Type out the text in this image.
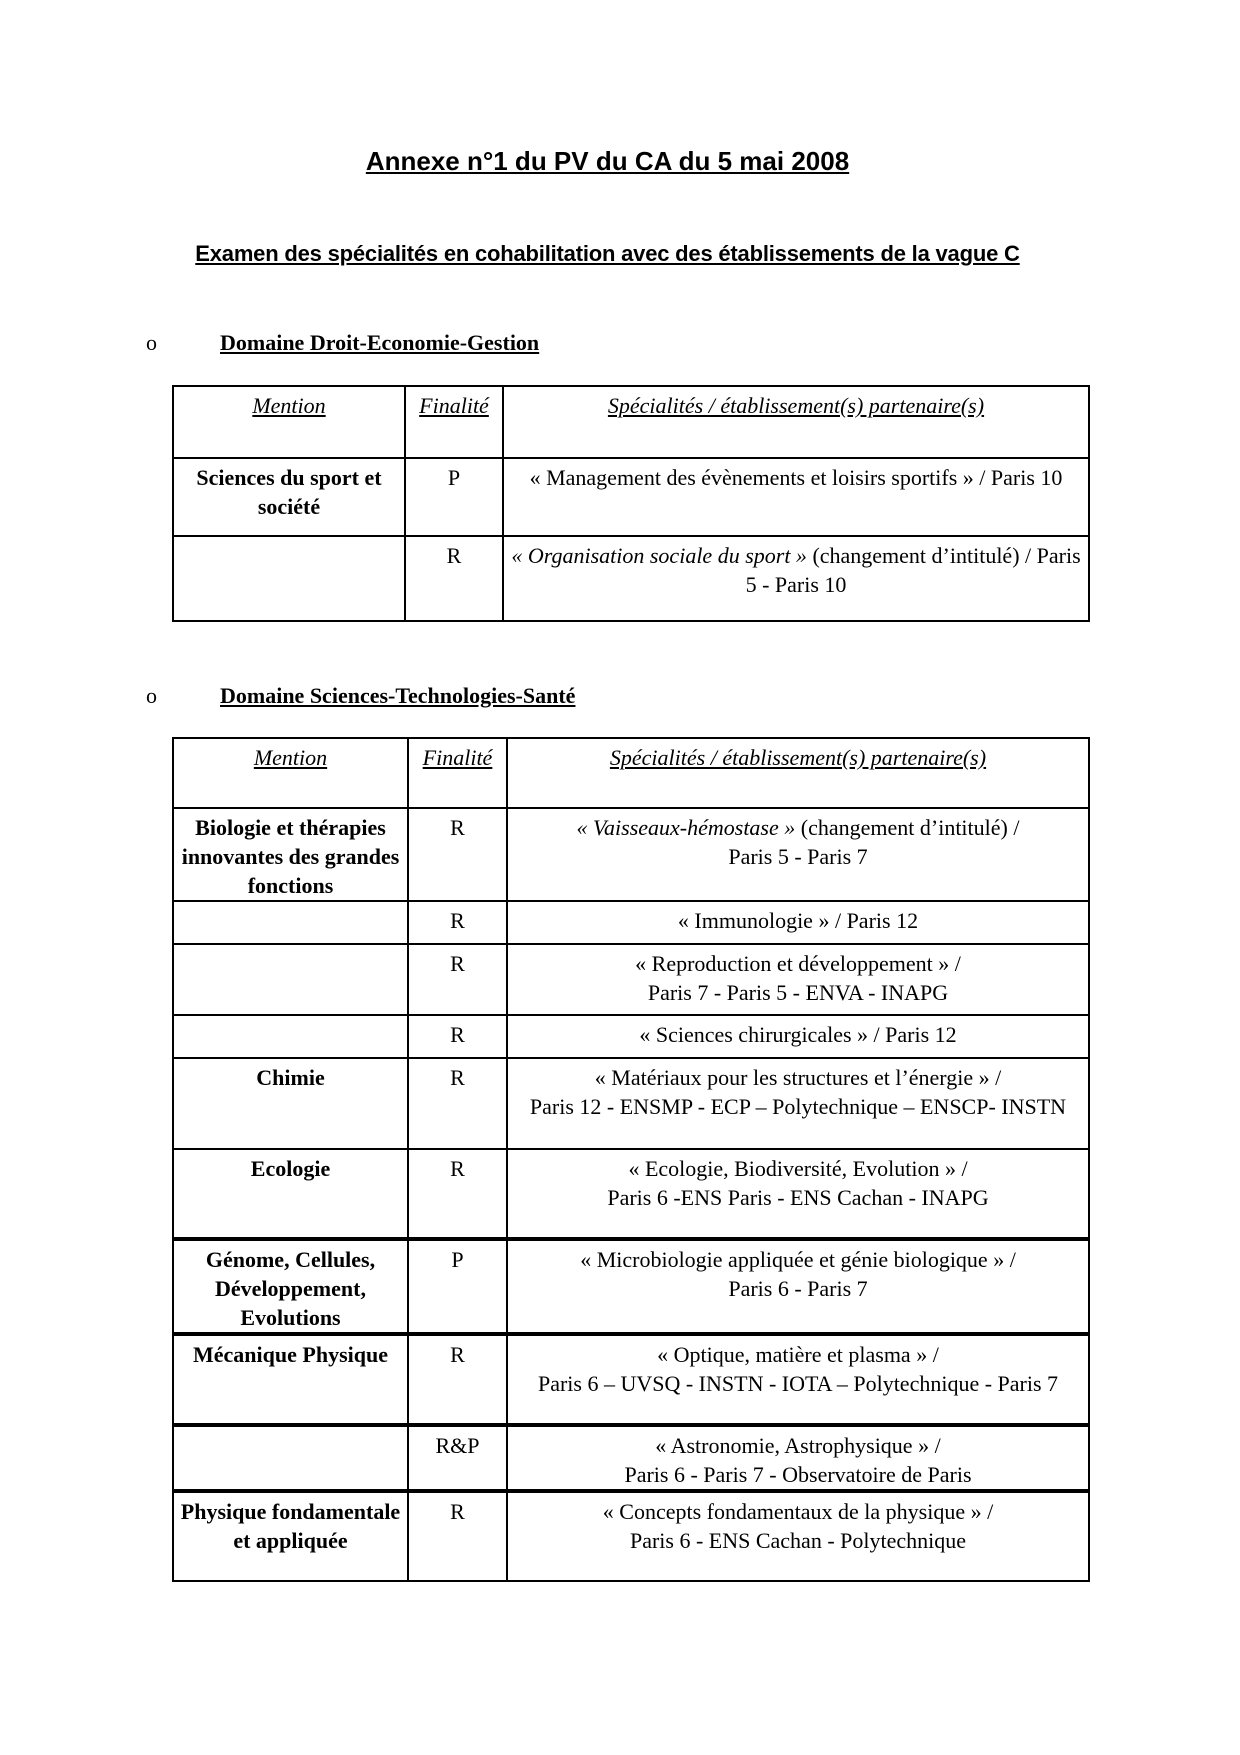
Annexe n°1 du PV du CA du 5 mai 2008
Examen des spécialités en cohabilitation avec des établissements de la vague C
o	Domaine Droit-Economie-Gestion
Mention	Finalité	Spécialités / établissement(s) partenaire(s)
Sciences du sport et société	P	« Management des évènements et loisirs sportifs » / Paris 10
	R	« Organisation sociale du sport » (changement d’intitulé) / Paris 5 - Paris 10
o	Domaine Sciences-Technologies-Santé
Mention	Finalité	Spécialités / établissement(s) partenaire(s)
Biologie et thérapies innovantes des grandes fonctions	R	« Vaisseaux-hémostase » (changement d’intitulé) /
Paris 5 - Paris 7
	R	« Immunologie » / Paris 12
	R	« Reproduction et développement » /
Paris 7 - Paris 5 - ENVA - INAPG
	R	« Sciences chirurgicales » / Paris 12
Chimie	R	« Matériaux pour les structures et l’énergie » /
Paris 12 - ENSMP - ECP – Polytechnique – ENSCP- INSTN
Ecologie	R	« Ecologie, Biodiversité, Evolution » /
Paris 6 -ENS Paris - ENS Cachan - INAPG
Génome, Cellules, Développement, Evolutions	P	« Microbiologie appliquée et génie biologique » /
Paris 6 - Paris 7
Mécanique Physique	R	« Optique, matière et plasma » /
Paris 6 – UVSQ - INSTN - IOTA – Polytechnique - Paris 7
	R&P	« Astronomie, Astrophysique » /
Paris 6 - Paris 7 - Observatoire de Paris
Physique fondamentale et appliquée	R	« Concepts fondamentaux de la physique » /
Paris 6 - ENS Cachan - Polytechnique
